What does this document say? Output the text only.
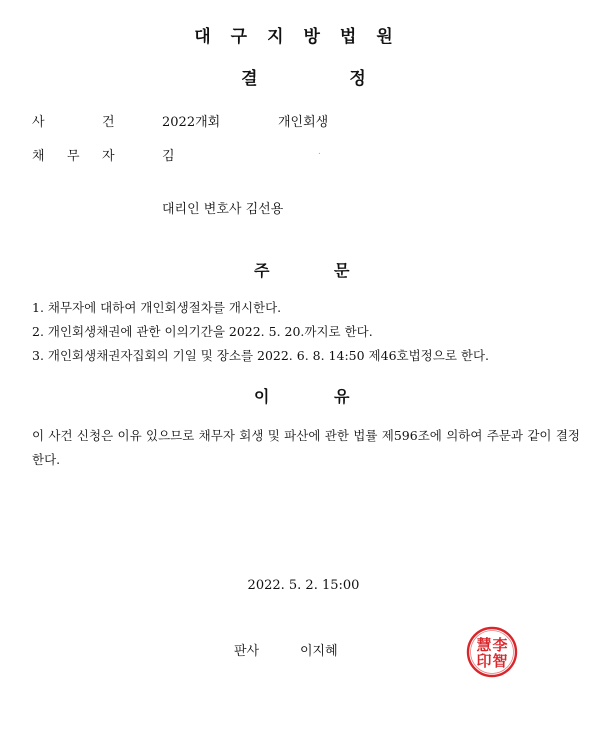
대구지방법원
결	정
사	건	2022개회	개인회생
채 무 자	김	.
대리인 변호사 김선용
주	문
1. 채무자에 대하여 개인회생절차를 개시한다.
2. 개인회생채권에 관한 이의기간을 2022. 5. 20.까지로 한다.
3. 개인회생채권자집회의 기일 및 장소를 2022. 6. 8. 14:50 제46호법정으로 한다.
이	유
이 사건 신청은 이유 있으므로 채무자 회생 및 파산에 관한 법률 제596조에 의하여 주문과 같이 결정한다.
2022. 5. 2. 15:00
판사	이지혜	李
智
慧
印
